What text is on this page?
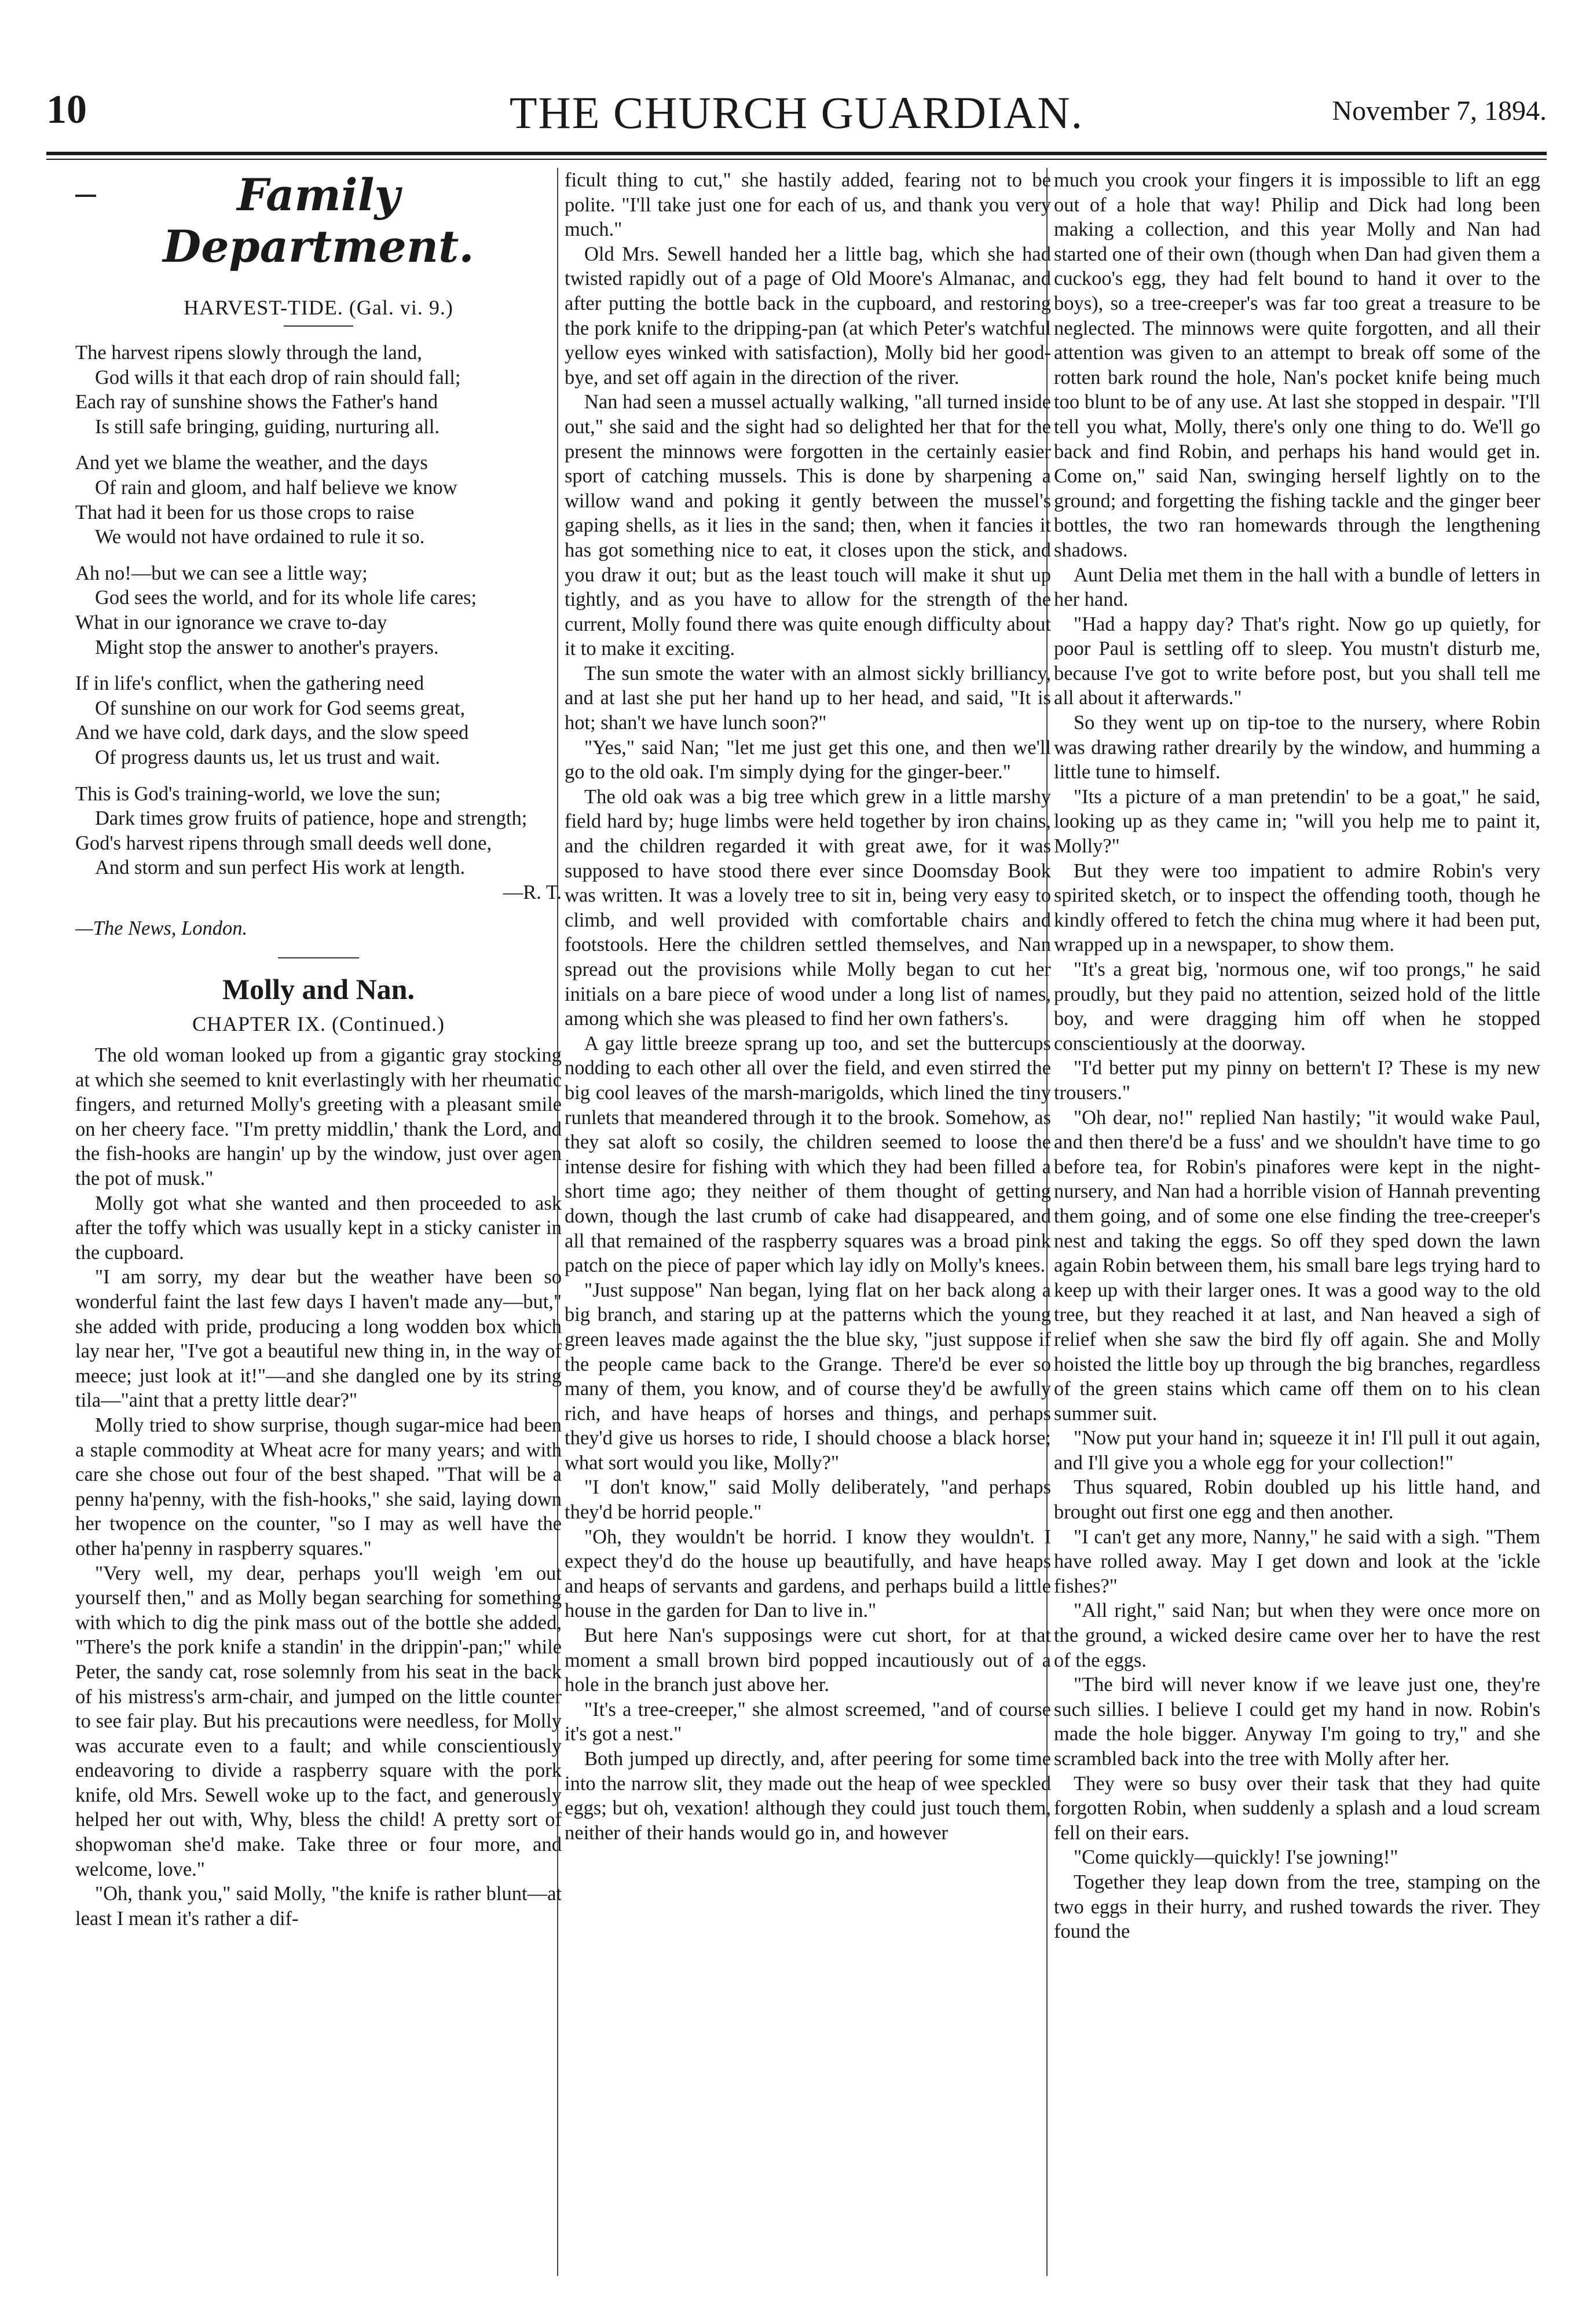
10	THE CHURCH GUARDIAN.	November 7, 1894.
Family Department.
HARVEST-TIDE. (Gal. vi. 9.)
The harvest ripens slowly through the land,
God wills it that each drop of rain should fall;
Each ray of sunshine shows the Father's hand
Is still safe bringing, guiding, nurturing all.
And yet we blame the weather, and the days
Of rain and gloom, and half believe we know
That had it been for us those crops to raise
We would not have ordained to rule it so.
Ah no!—but we can see a little way;
God sees the world, and for its whole life cares;
What in our ignorance we crave to-day
Might stop the answer to another's prayers.
If in life's conflict, when the gathering need
Of sunshine on our work for God seems great,
And we have cold, dark days, and the slow speed
Of progress daunts us, let us trust and wait.
This is God's training-world, we love the sun;
Dark times grow fruits of patience, hope and strength;
God's harvest ripens through small deeds well done,
And storm and sun perfect His work at length.
—R. T.
—The News, London.
Molly and Nan.
CHAPTER IX. (Continued.)

The old woman looked up from a gigantic gray stocking at which she seemed to knit everlastingly with her rheumatic fingers, and returned Molly's greeting with a pleasant smile on her cheery face. "I'm pretty middlin,' thank the Lord, and the fish-hooks are hangin' up by the window, just over agen the pot of musk."

Molly got what she wanted and then proceeded to ask after the toffy which was usually kept in a sticky canister in the cupboard.

"I am sorry, my dear but the weather have been so wonderful faint the last few days I haven't made any—but," she added with pride, producing a long wodden box which lay near her, "I've got a beautiful new thing in, in the way of meece; just look at it!"—and she dangled one by its string tila—"aint that a pretty little dear?"

Molly tried to show surprise, though sugar-mice had been a staple commodity at Wheat acre for many years; and with care she chose out four of the best shaped. "That will be a penny ha'penny, with the fish-hooks," she said, laying down her twopence on the counter, "so I may as well have the other ha'penny in raspberry squares."

"Very well, my dear, perhaps you'll weigh 'em out yourself then," and as Molly began searching for something with which to dig the pink mass out of the bottle she added, "There's the pork knife a standin' in the drippin'-pan;" while Peter, the sandy cat, rose solemnly from his seat in the back of his mistress's arm-chair, and jumped on the little counter to see fair play. But his precautions were needless, for Molly was accurate even to a fault; and while conscientiously endeavoring to divide a raspberry square with the pork knife, old Mrs. Sewell woke up to the fact, and generously helped her out with, Why, bless the child! A pretty sort of shopwoman she'd make. Take three or four more, and welcome, love."

"Oh, thank you," said Molly, "the knife is rather blunt—at least I mean it's rather a dif-

ficult thing to cut," she hastily added, fearing not to be polite. "I'll take just one for each of us, and thank you very much."

Old Mrs. Sewell handed her a little bag, which she had twisted rapidly out of a page of Old Moore's Almanac, and after putting the bottle back in the cupboard, and restoring the pork knife to the dripping-pan (at which Peter's watchful yellow eyes winked with satisfaction), Molly bid her good-bye, and set off again in the direction of the river.

Nan had seen a mussel actually walking, "all turned inside out," she said and the sight had so delighted her that for the present the minnows were forgotten in the certainly easier sport of catching mussels. This is done by sharpening a willow wand and poking it gently between the mussel's gaping shells, as it lies in the sand; then, when it fancies it has got something nice to eat, it closes upon the stick, and you draw it out; but as the least touch will make it shut up tightly, and as you have to allow for the strength of the current, Molly found there was quite enough difficulty about it to make it exciting.

The sun smote the water with an almost sickly brilliancy, and at last she put her hand up to her head, and said, "It is hot; shan't we have lunch soon?"

"Yes," said Nan; "let me just get this one, and then we'll go to the old oak. I'm simply dying for the ginger-beer."

The old oak was a big tree which grew in a little marshy field hard by; huge limbs were held together by iron chains, and the children regarded it with great awe, for it was supposed to have stood there ever since Doomsday Book was written. It was a lovely tree to sit in, being very easy to climb, and well provided with comfortable chairs and footstools. Here the children settled themselves, and Nan spread out the provisions while Molly began to cut her initials on a bare piece of wood under a long list of names, among which she was pleased to find her own fathers's.

A gay little breeze sprang up too, and set the buttercups nodding to each other all over the field, and even stirred the big cool leaves of the marsh-marigolds, which lined the tiny runlets that meandered through it to the brook. Somehow, as they sat aloft so cosily, the children seemed to loose the intense desire for fishing with which they had been filled a short time ago; they neither of them thought of getting down, though the last crumb of cake had disappeared, and all that remained of the raspberry squares was a broad pink patch on the piece of paper which lay idly on Molly's knees.

"Just suppose" Nan began, lying flat on her back along a big branch, and staring up at the patterns which the young green leaves made against the the blue sky, "just suppose if the people came back to the Grange. There'd be ever so many of them, you know, and of course they'd be awfully rich, and have heaps of horses and things, and perhaps they'd give us horses to ride, I should choose a black horse; what sort would you like, Molly?"

"I don't know," said Molly deliberately, "and perhaps they'd be horrid people."

"Oh, they wouldn't be horrid. I know they wouldn't. I expect they'd do the house up beautifully, and have heaps and heaps of servants and gardens, and perhaps build a little house in the garden for Dan to live in."

But here Nan's supposings were cut short, for at that moment a small brown bird popped incautiously out of a hole in the branch just above her.

"It's a tree-creeper," she almost screemed, "and of course it's got a nest."

Both jumped up directly, and, after peering for some time into the narrow slit, they made out the heap of wee speckled eggs; but oh, vexation! although they could just touch them, neither of their hands would go in, and however

much you crook your fingers it is impossible to lift an egg out of a hole that way! Philip and Dick had long been making a collection, and this year Molly and Nan had started one of their own (though when Dan had given them a cuckoo's egg, they had felt bound to hand it over to the boys), so a tree-creeper's was far too great a treasure to be neglected. The minnows were quite forgotten, and all their attention was given to an attempt to break off some of the rotten bark round the hole, Nan's pocket knife being much too blunt to be of any use. At last she stopped in despair. "I'll tell you what, Molly, there's only one thing to do. We'll go back and find Robin, and perhaps his hand would get in. Come on," said Nan, swinging herself lightly on to the ground; and forgetting the fishing tackle and the ginger beer bottles, the two ran homewards through the lengthening shadows.

Aunt Delia met them in the hall with a bundle of letters in her hand.

"Had a happy day? That's right. Now go up quietly, for poor Paul is settling off to sleep. You mustn't disturb me, because I've got to write before post, but you shall tell me all about it afterwards."

So they went up on tip-toe to the nursery, where Robin was drawing rather drearily by the window, and humming a little tune to himself.

"Its a picture of a man pretendin' to be a goat," he said, looking up as they came in; "will you help me to paint it, Molly?"

But they were too impatient to admire Robin's very spirited sketch, or to inspect the offending tooth, though he kindly offered to fetch the china mug where it had been put, wrapped up in a newspaper, to show them.

"It's a great big, 'normous one, wif too prongs," he said proudly, but they paid no attention, seized hold of the little boy, and were dragging him off when he stopped conscientiously at the doorway.

"I'd better put my pinny on bettern't I? These is my new trousers."

"Oh dear, no!" replied Nan hastily; "it would wake Paul, and then there'd be a fuss' and we shouldn't have time to go before tea, for Robin's pinafores were kept in the night-nursery, and Nan had a horrible vision of Hannah preventing them going, and of some one else finding the tree-creeper's nest and taking the eggs. So off they sped down the lawn again Robin between them, his small bare legs trying hard to keep up with their larger ones. It was a good way to the old tree, but they reached it at last, and Nan heaved a sigh of relief when she saw the bird fly off again. She and Molly hoisted the little boy up through the big branches, regardless of the green stains which came off them on to his clean summer suit.

"Now put your hand in; squeeze it in! I'll pull it out again, and I'll give you a whole egg for your collection!"

Thus squared, Robin doubled up his little hand, and brought out first one egg and then another.

"I can't get any more, Nanny," he said with a sigh. "Them have rolled away. May I get down and look at the 'ickle fishes?"

"All right," said Nan; but when they were once more on the ground, a wicked desire came over her to have the rest of the eggs.

"The bird will never know if we leave just one, they're such sillies. I believe I could get my hand in now. Robin's made the hole bigger. Anyway I'm going to try," and she scrambled back into the tree with Molly after her.

They were so busy over their task that they had quite forgotten Robin, when suddenly a splash and a loud scream fell on their ears.

"Come quickly—quickly! I'se jowning!"

Together they leap down from the tree, stamping on the two eggs in their hurry, and rushed towards the river. They found the
